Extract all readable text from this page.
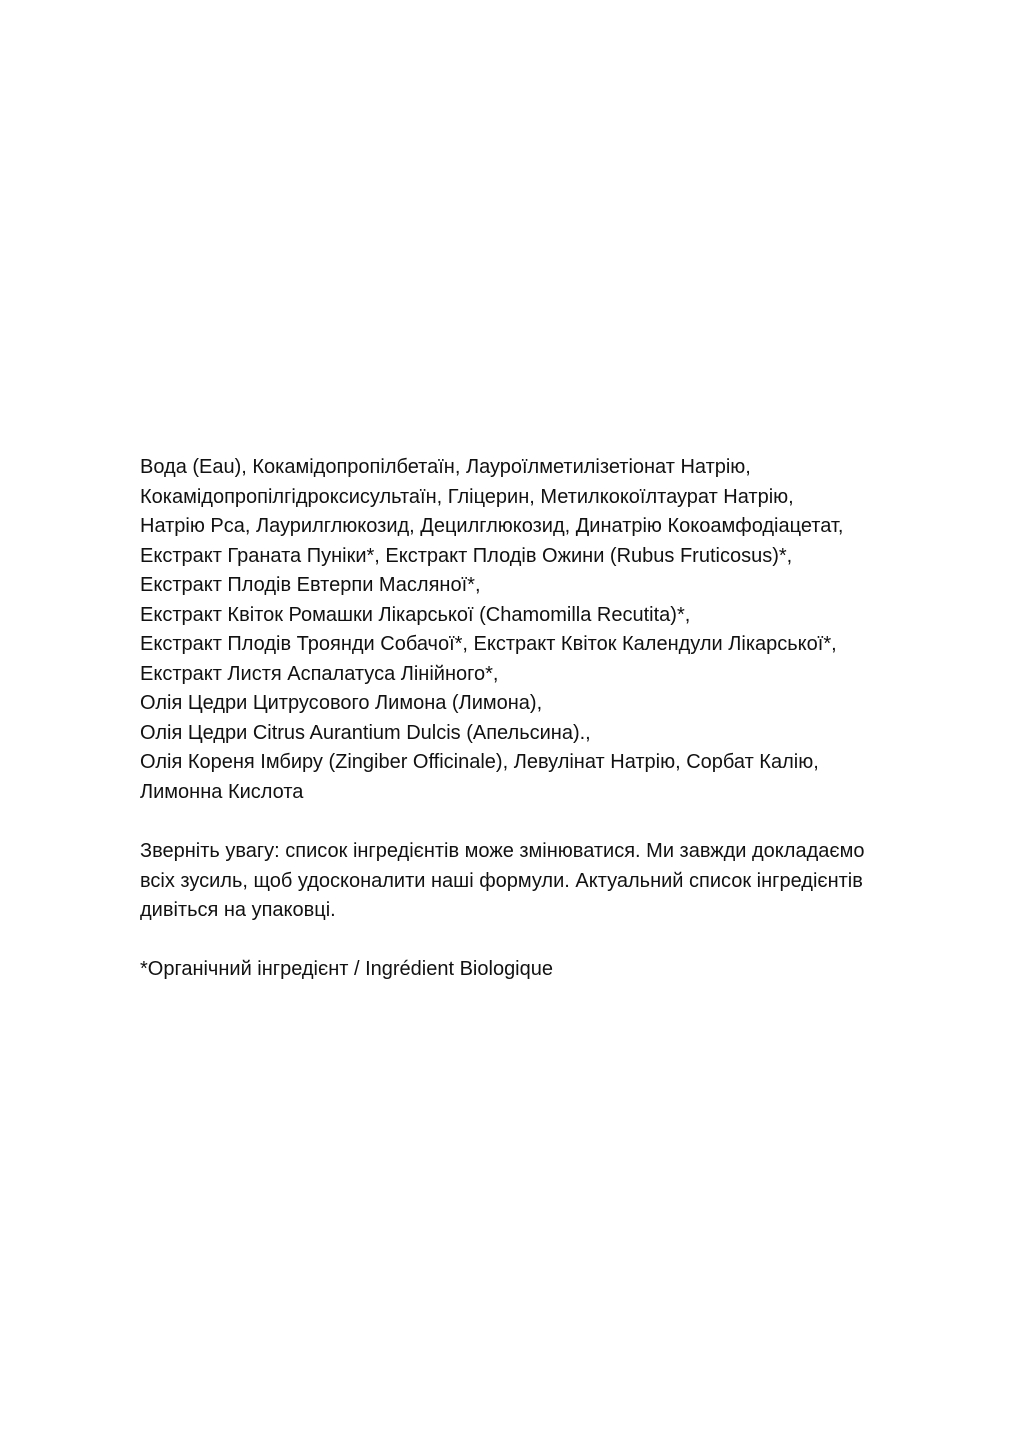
Вода (Eau), Кокамідопропілбетаїн, Лауроїлметилізетіонат Натрію,
Кокамідопропілгідроксисультаїн, Гліцерин, Метилкокоїлтаурат Натрію,
Натрію Pca, Лаурилглюкозид, Децилглюкозид, Динатрію Кокоамфодіацетат,
Екстракт Граната Пуніки*, Екстракт Плодів Ожини (Rubus Fruticosus)*,
Екстракт Плодів Евтерпи Масляної*,
Екстракт Квіток Ромашки Лікарської (Chamomilla Recutita)*,
Екстракт Плодів Троянди Собачої*, Екстракт Квіток Календули Лікарської*,
Екстракт Листя Аспалатуса Лінійного*,
Олія Цедри Цитрусового Лимона (Лимона),
Олія Цедри Citrus Aurantium Dulcis (Апельсина).,
Олія Кореня Імбиру (Zingiber Officinale), Левулінат Натрію, Сорбат Калію,
Лимонна Кислота
Зверніть увагу: список інгредієнтів може змінюватися. Ми завжди докладаємо
всіх зусиль, щоб удосконалити наші формули. Актуальний список інгредієнтів
дивіться на упаковці.
*Органічний інгредієнт / Ingrédient Biologique
